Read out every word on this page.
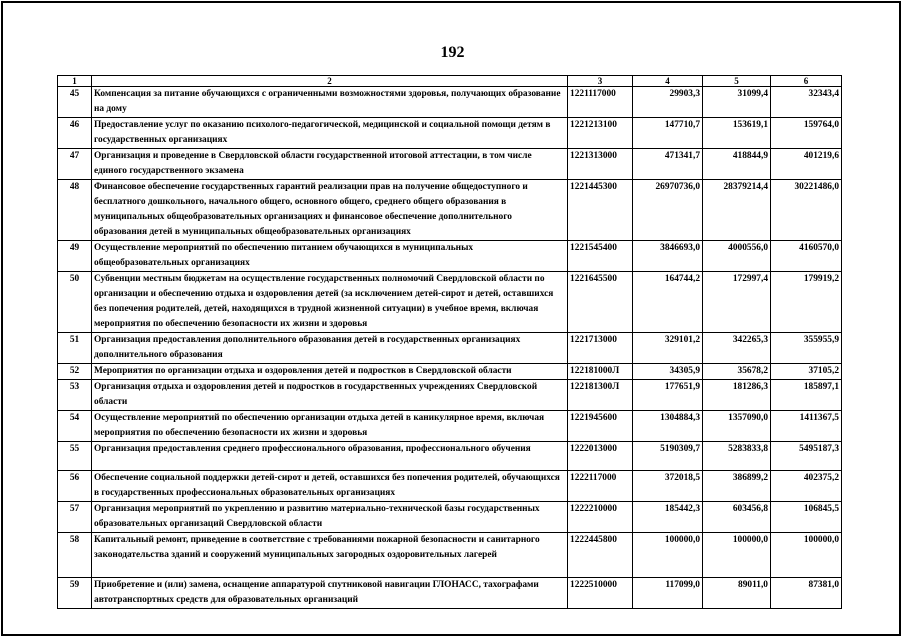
192
1	2	3	4	5	6
45	Компенсация за питание обучающихся с ограниченными возможностями здоровья, получающих образование на дому	1221117000	29903,3	31099,4	32343,4
46	Предоставление услуг по оказанию психолого-педагогической, медицинской и социальной помощи детям в государственных организациях	1221213100	147710,7	153619,1	159764,0
47	Организация и проведение в Свердловской области государственной итоговой аттестации, в том числе единого государственного экзамена	1221313000	471341,7	418844,9	401219,6
48	Финансовое обеспечение государственных гарантий реализации прав на получение общедоступного и бесплатного дошкольного, начального общего, основного общего, среднего общего образования в муниципальных общеобразовательных организациях и финансовое обеспечение дополнительного образования детей в муниципальных общеобразовательных организациях	1221445300	26970736,0	28379214,4	30221486,0
49	Осуществление мероприятий по обеспечению питанием обучающихся в муниципальных общеобразовательных организациях	1221545400	3846693,0	4000556,0	4160570,0
50	Субвенции местным бюджетам на осуществление государственных полномочий Свердловской области по организации и обеспечению отдыха и оздоровления детей (за исключением детей-сирот и детей, оставшихся без попечения родителей, детей, находящихся в трудной жизненной ситуации) в учебное время, включая мероприятия по обеспечению безопасности их жизни и здоровья	1221645500	164744,2	172997,4	179919,2
51	Организация предоставления дополнительного образования детей в государственных организациях дополнительного образования	1221713000	329101,2	342265,3	355955,9
52	Мероприятия по организации отдыха и оздоровления детей и подростков в Свердловской области	122181000Л	34305,9	35678,2	37105,2
53	Организация отдыха и оздоровления детей и подростков в государственных учреждениях Свердловской области	122181300Л	177651,9	181286,3	185897,1
54	Осуществление мероприятий по обеспечению организации отдыха детей в каникулярное время, включая мероприятия по обеспечению безопасности их жизни и здоровья	1221945600	1304884,3	1357090,0	1411367,5
55	Организация предоставления среднего профессионального образования, профессионального обучения	1222013000	5190309,7	5283833,8	5495187,3
56	Обеспечение социальной поддержки детей-сирот и детей, оставшихся без попечения родителей, обучающихся в государственных профессиональных образовательных организациях	1222117000	372018,5	386899,2	402375,2
57	Организация мероприятий по укреплению и развитию материально-технической базы государственных образовательных организаций Свердловской области	1222210000	185442,3	603456,8	106845,5
58	Капитальный ремонт, приведение в соответствие с требованиями пожарной безопасности и санитарного законодательства зданий и сооружений муниципальных загородных оздоровительных лагерей	1222445800	100000,0	100000,0	100000,0
59	Приобретение и (или) замена, оснащение аппаратурой спутниковой навигации ГЛОНАСС, тахографами автотранспортных средств для образовательных организаций	1222510000	117099,0	89011,0	87381,0
